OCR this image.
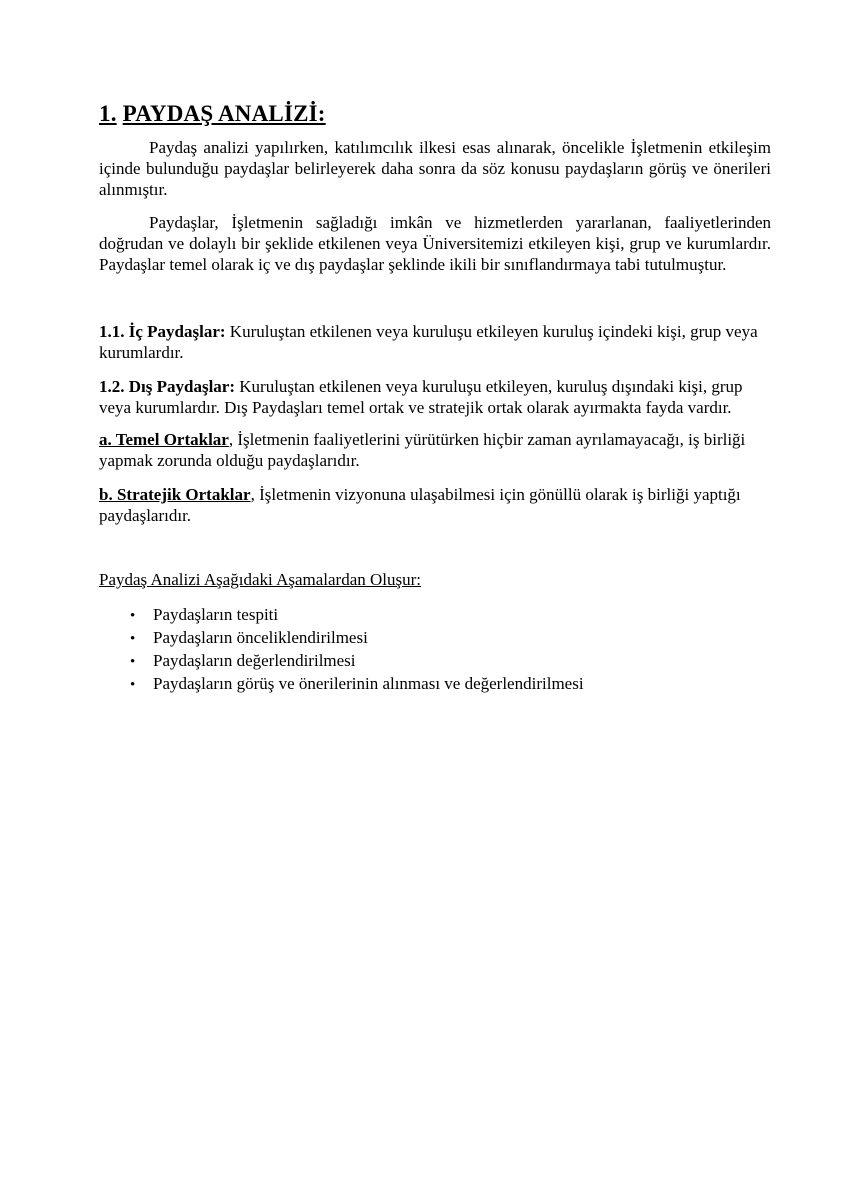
1. PAYDAŞ ANALİZİ:

Paydaş analizi yapılırken, katılımcılık ilkesi esas alınarak, öncelikle İşletmenin etkileşim içinde bulunduğu paydaşlar belirleyerek daha sonra da söz konusu paydaşların görüş ve önerileri alınmıştır.

Paydaşlar, İşletmenin sağladığı imkân ve hizmetlerden yararlanan, faaliyetlerinden doğrudan ve dolaylı bir şeklide etkilenen veya Üniversitemizi etkileyen kişi, grup ve kurumlardır. Paydaşlar temel olarak iç ve dış paydaşlar şeklinde ikili bir sınıflandırmaya tabi tutulmuştur.

1.1. İç Paydaşlar: Kuruluştan etkilenen veya kuruluşu etkileyen kuruluş içindeki kişi, grup veya kurumlardır.

1.2. Dış Paydaşlar: Kuruluştan etkilenen veya kuruluşu etkileyen, kuruluş dışındaki kişi, grup veya kurumlardır. Dış Paydaşları temel ortak ve stratejik ortak olarak ayırmakta fayda vardır.

a. Temel Ortaklar, İşletmenin faaliyetlerini yürütürken hiçbir zaman ayrılamayacağı, iş birliği yapmak zorunda olduğu paydaşlarıdır.

b. Stratejik Ortaklar, İşletmenin vizyonuna ulaşabilmesi için gönüllü olarak iş birliği yaptığı paydaşlarıdır.

Paydaş Analizi Aşağıdaki Aşamalardan Oluşur:

• Paydaşların tespiti
• Paydaşların önceliklendirilmesi
• Paydaşların değerlendirilmesi
• Paydaşların görüş ve önerilerinin alınması ve değerlendirilmesi
